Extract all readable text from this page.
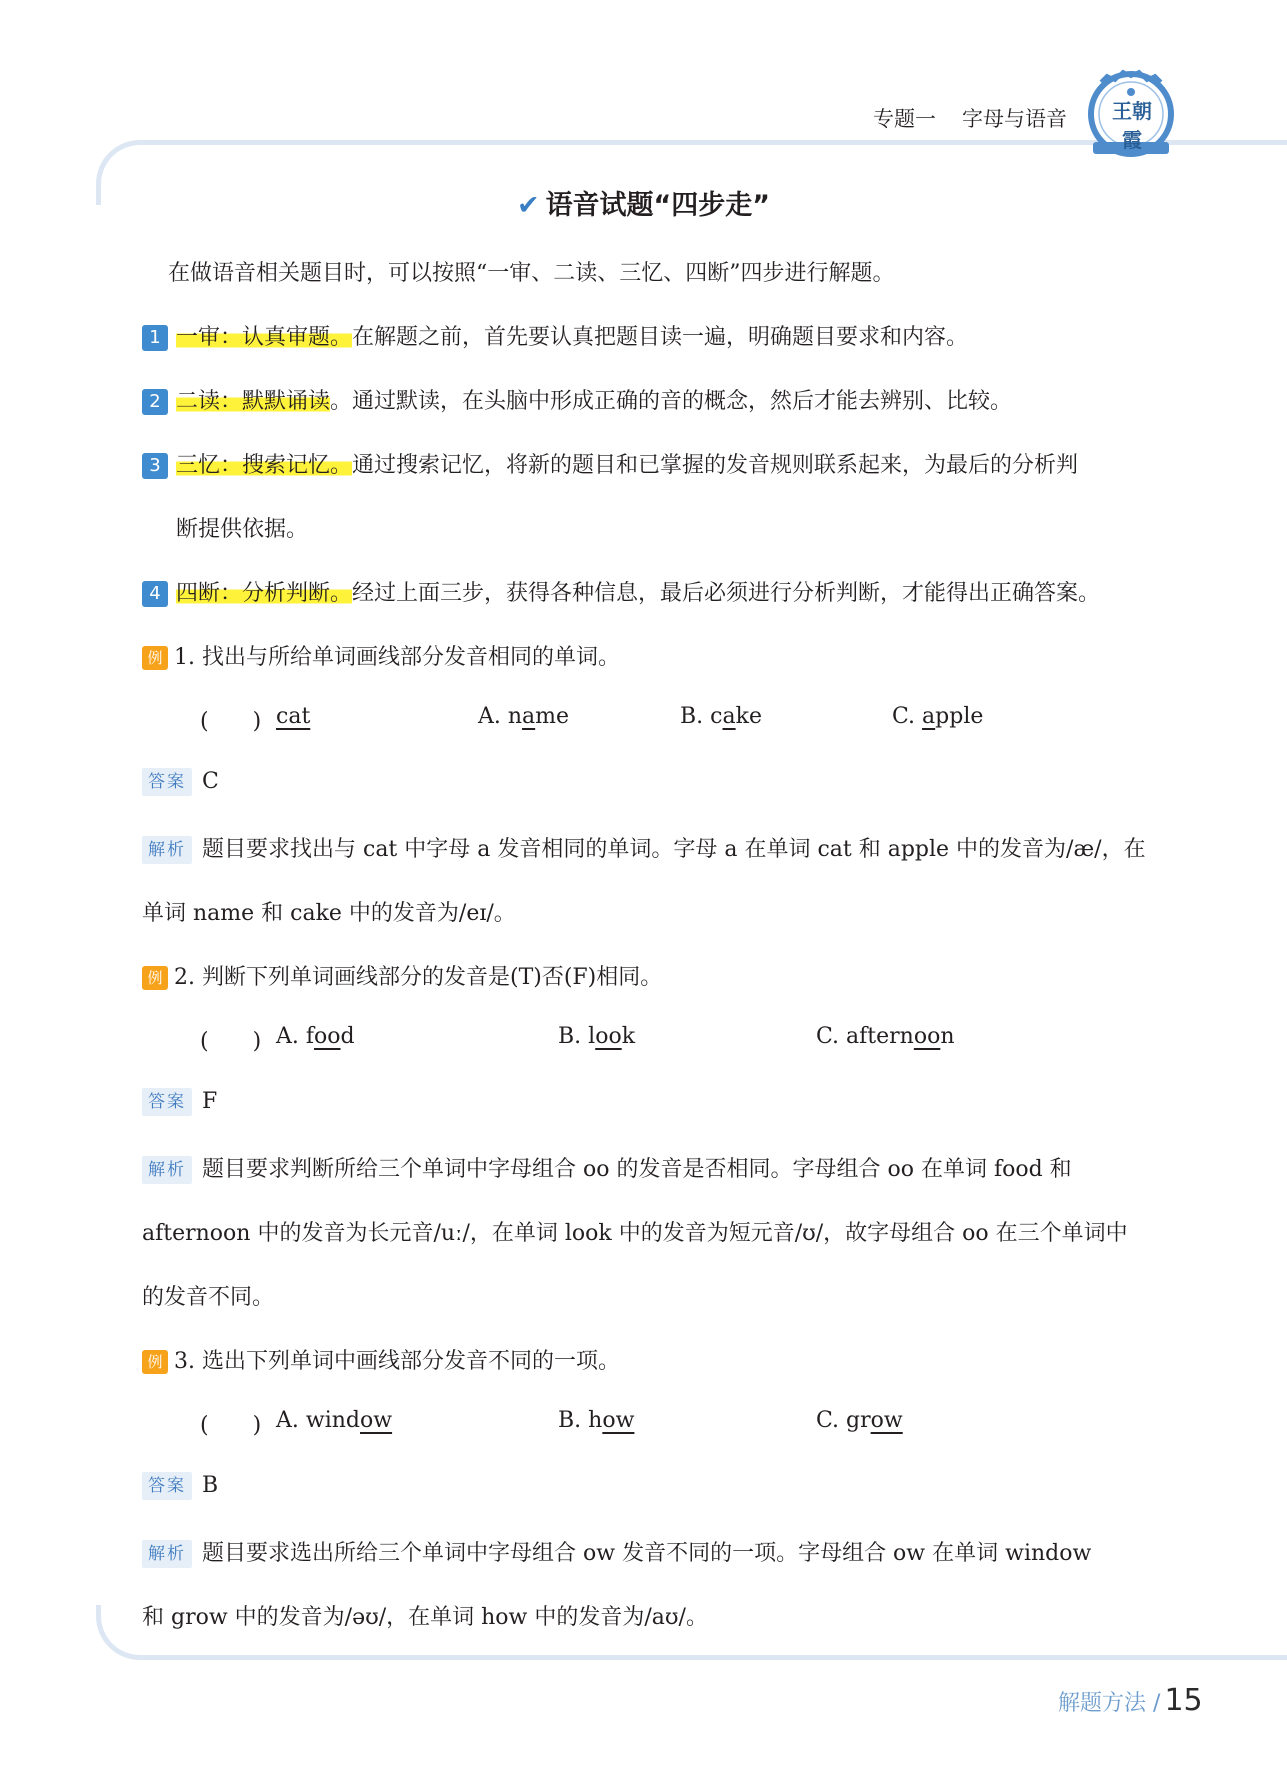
专题一 字母与语音	王朝霞
✔ 语音试题“四步走”
在做语音相关题目时，可以按照“一审、二读、三忆、四断”四步进行解题。
1 一审：认真审题。在解题之前，首先要认真把题目读一遍，明确题目要求和内容。
2 二读：默默诵读。通过默读，在头脑中形成正确的音的概念，然后才能去辨别、比较。
3 三忆：搜索记忆。通过搜索记忆，将新的题目和已掌握的发音规则联系起来，为最后的分析判
断提供依据。
4 四断：分析判断。经过上面三步，获得各种信息，最后必须进行分析判断，才能得出正确答案。
例 1. 找出与所给单词画线部分发音相同的单词。
(　　) cat	A. name	B. cake	C. apple
答案 C
解析 题目要求找出与 cat 中字母 a 发音相同的单词。字母 a 在单词 cat 和 apple 中的发音为/æ/，在
单词 name 和 cake 中的发音为/eɪ/。
例 2. 判断下列单词画线部分的发音是(T)否(F)相同。
(　　) A. food	B. look	C. afternoon
答案 F
解析 题目要求判断所给三个单词中字母组合 oo 的发音是否相同。字母组合 oo 在单词 food 和
afternoon 中的发音为长元音/uː/，在单词 look 中的发音为短元音/ʊ/，故字母组合 oo 在三个单词中
的发音不同。
例 3. 选出下列单词中画线部分发音不同的一项。
(　　) A. window	B. how	C. grow
答案 B
解析 题目要求选出所给三个单词中字母组合 ow 发音不同的一项。字母组合 ow 在单词 window
和 grow 中的发音为/əʊ/，在单词 how 中的发音为/aʊ/。
解题方法 / 15
